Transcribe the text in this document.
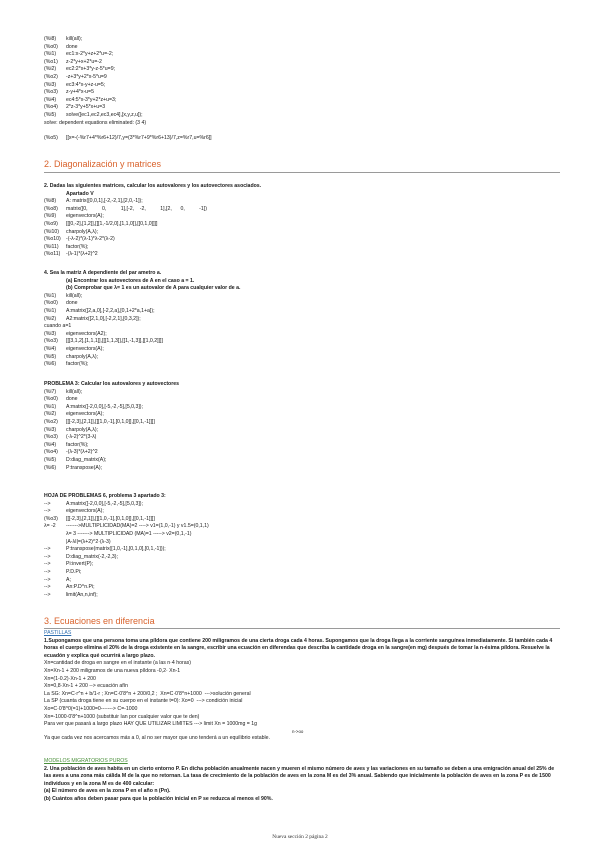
(%i8) kill(all);
(%o0) done
(%i1) ec1:x-2*y+z+2*u=-2;
(%o1) z-2*y+x+2*u=-2
(%i2) ec2:2*x+3*y-z-5*u=9;
(%o2) -z+3*y+2*x-5*u=9
(%i3) ec3:4*x-y+z-u=5;
(%o3) z-y+4*x-u=5
(%i4) ec4:5*x-3*y+2*z+u=3;
(%o4) 2*z-3*y+5*x+u=3
(%i5) solve([ec1,ec2,ec3,ec4],[x,y,z,u]);
solve: dependent equations eliminated: (3 4)
(%o5) [[x=-(-%r7+4*%r6+12)/7,y=(3*%r7+9*%r6+13)/7,z=%r7,u=%r6]]
2. Diagonalización y matrices
2. Dadas las siguientes matrices, calcular los autovalores y los autovectores asociados.
Apartado V
(%i8) A: matrix([0,0,1],[-2,-2,1],[2,0,-1]);
(%o8) matrix([0,          0,          1],[-2,    -2,          1],[2,      0,          -1])
(%i9) eigenvectors(A);
(%o9) [[[0,-2],[1,2]],[[[1,-1/2,0],[1,1,0]],[[0,1,0]]]]
(%i10) charpoly(A,λ);
(%o10) -(-λ-2)*(λ-1)*λ-2*(λ-2)
(%i11) factor(%);
(%o11) -(λ-1)*(λ+2)^2
4. Sea la matriz A dependiente del par ametro a.
(a) Encontrar los autovectores de A en el caso a = 1.
(b) Comprobar que λ= 1 es un autovalor de A para cualquier valor de a.
(%i1) kill(all);
(%o0) done
(%i1) A:matrix([2,a,0],[-2,2,a],[0,1+2*a,1+a]);
(%i2) A2:matrix([2,1,0],[-2,2,1],[0,3,2]);
cuando a=1
(%i3) eigenvectors(A2);
(%o3) [[[3,1,2],[1,1,1]],[[[1,1,3]],[[1,-1,3]],[[1,0,2]]]]
(%i4) eigenvectors(A);
(%i5) charpoly(A,λ);
(%i6) factor(%);
PROBLEMA 3: Calcular los autovalores y autovectores
(%i7) kill(all);
(%o0) done
(%i1) A:matrix([-2,0,0],[-5,-2,-5],[5,0,3]);
(%i2) eigenvectors(A);
(%o2) [[[-2,3],[2,1]],[[[1,0,-1],[0,1,0]],[[0,1,-1]]]]
(%i3) charpoly(A,λ);
(%o3) (-λ-2)^2*(3-λ)
(%i4) factor(%);
(%o4) -(λ-3)*(λ+2)^2
(%i5) D:diag_matrix(A);
(%i6) P:transpose(A);
HOJA DE PROBLEMAS 6, problema 3 apartado 3:
-->	A:matrix([-2,0,0],[-5,-2,-5],[5,0,3]);
-->	eigenvectors(A);
(%o3) [[[-2,3],[2,1]],[[[1,0,-1],[0,1,0]],[[0,1,-1]]]]
λ= -2 ------->MULTIPLICIDAD(MA)=2 ----> v1=(1,0,-1) y v1.5=(0,1,1)
λ= 3 -------> MULTIPLICIDAD (MA)=1 -----> v2=(0,1,-1)
|A-λI|=(λ+2)^2·(λ-3)
-->	P:transpose(matrix([1,0,-1],[0,1,0],[0,1,-1]));
-->	D:diag_matrix(-2,-2,3);
-->	Pi:invert(P);
-->	P.D.Pi;
-->	A;
-->	An:P.D^n.Pi;
-->	limit(An,n,inf);
3. Ecuaciones en diferencia
PASTILLAS
1.Supongamos que una persona toma una píldora que contiene 200 miligramos de una cierta droga cada 4 horas. Supongamos que la droga llega a la corriente sanguínea inmediatamente. Si también cada 4 horas el cuerpo elimina el 20% de la droga existente en la sangre, escribir una ecuación en diferendas que describa la cantidade droga en la sangre(en mg) después de tomar la n-ésima píldora. Resuelve la ecuadón y explica qué ocurrirá a largo plazo.
Xn=cantidad de droga en sangre en el instante (a las n·4 horas)
Xn=Xn-1 + 200 miligramos de una nueva píldora -0,2· Xn-1
Xn=(1-0.2)·Xn-1 + 200
Xn=0,8·Xn-1 + 200 --> ecuación afín
La SG: Xn=C·r^n + b/1-r ; Xn=C·0'8^n + 200/0,2 ;  Xn=C·0'8^n+1000  --->solución general
La SP (cuanta droga tiene en su cuerpo en el instante t=0): Xo=0  ---> condición inicial
Xo=C·0'8^0(=1)+1000=0-------> C=-1000
Xn=-1000·0'8^n+1000 (substituir Ian por cualquier valor que te den)
Para ver que pasará a largo plazo HAY QUE UTILIZAR LIMITES ---> limit Xn = 1000mg = 1g
n->oo
Ya que cada vez nos acercamos más a 0, al no ser mayor que uno tenderá a un equilibrio estable.
MODELOS MIGRATORIOS PUROS
2. Una población de aves habita en un cierto entorno P. En dicha población anualmente nacen y mueren el mismo número de aves y las variaciones en su tamaño se deben a una emigración anual del 25% de las aves a una zona más cálida M de la que no retornan. La tasa de crecimiento de la población de aves en la zona M es del 3% anual. Sabiendo que inicialmente la población de aves en la zona P es de 1500 individuos y en la zona M es de 400 calcular:
(a) El número de aves en la zona P en el año n (Pn).
(b) Cuántos años deben pasar para que la población inicial en P se reduzca al menos el 90%.
Nueva sección 2 página 2
